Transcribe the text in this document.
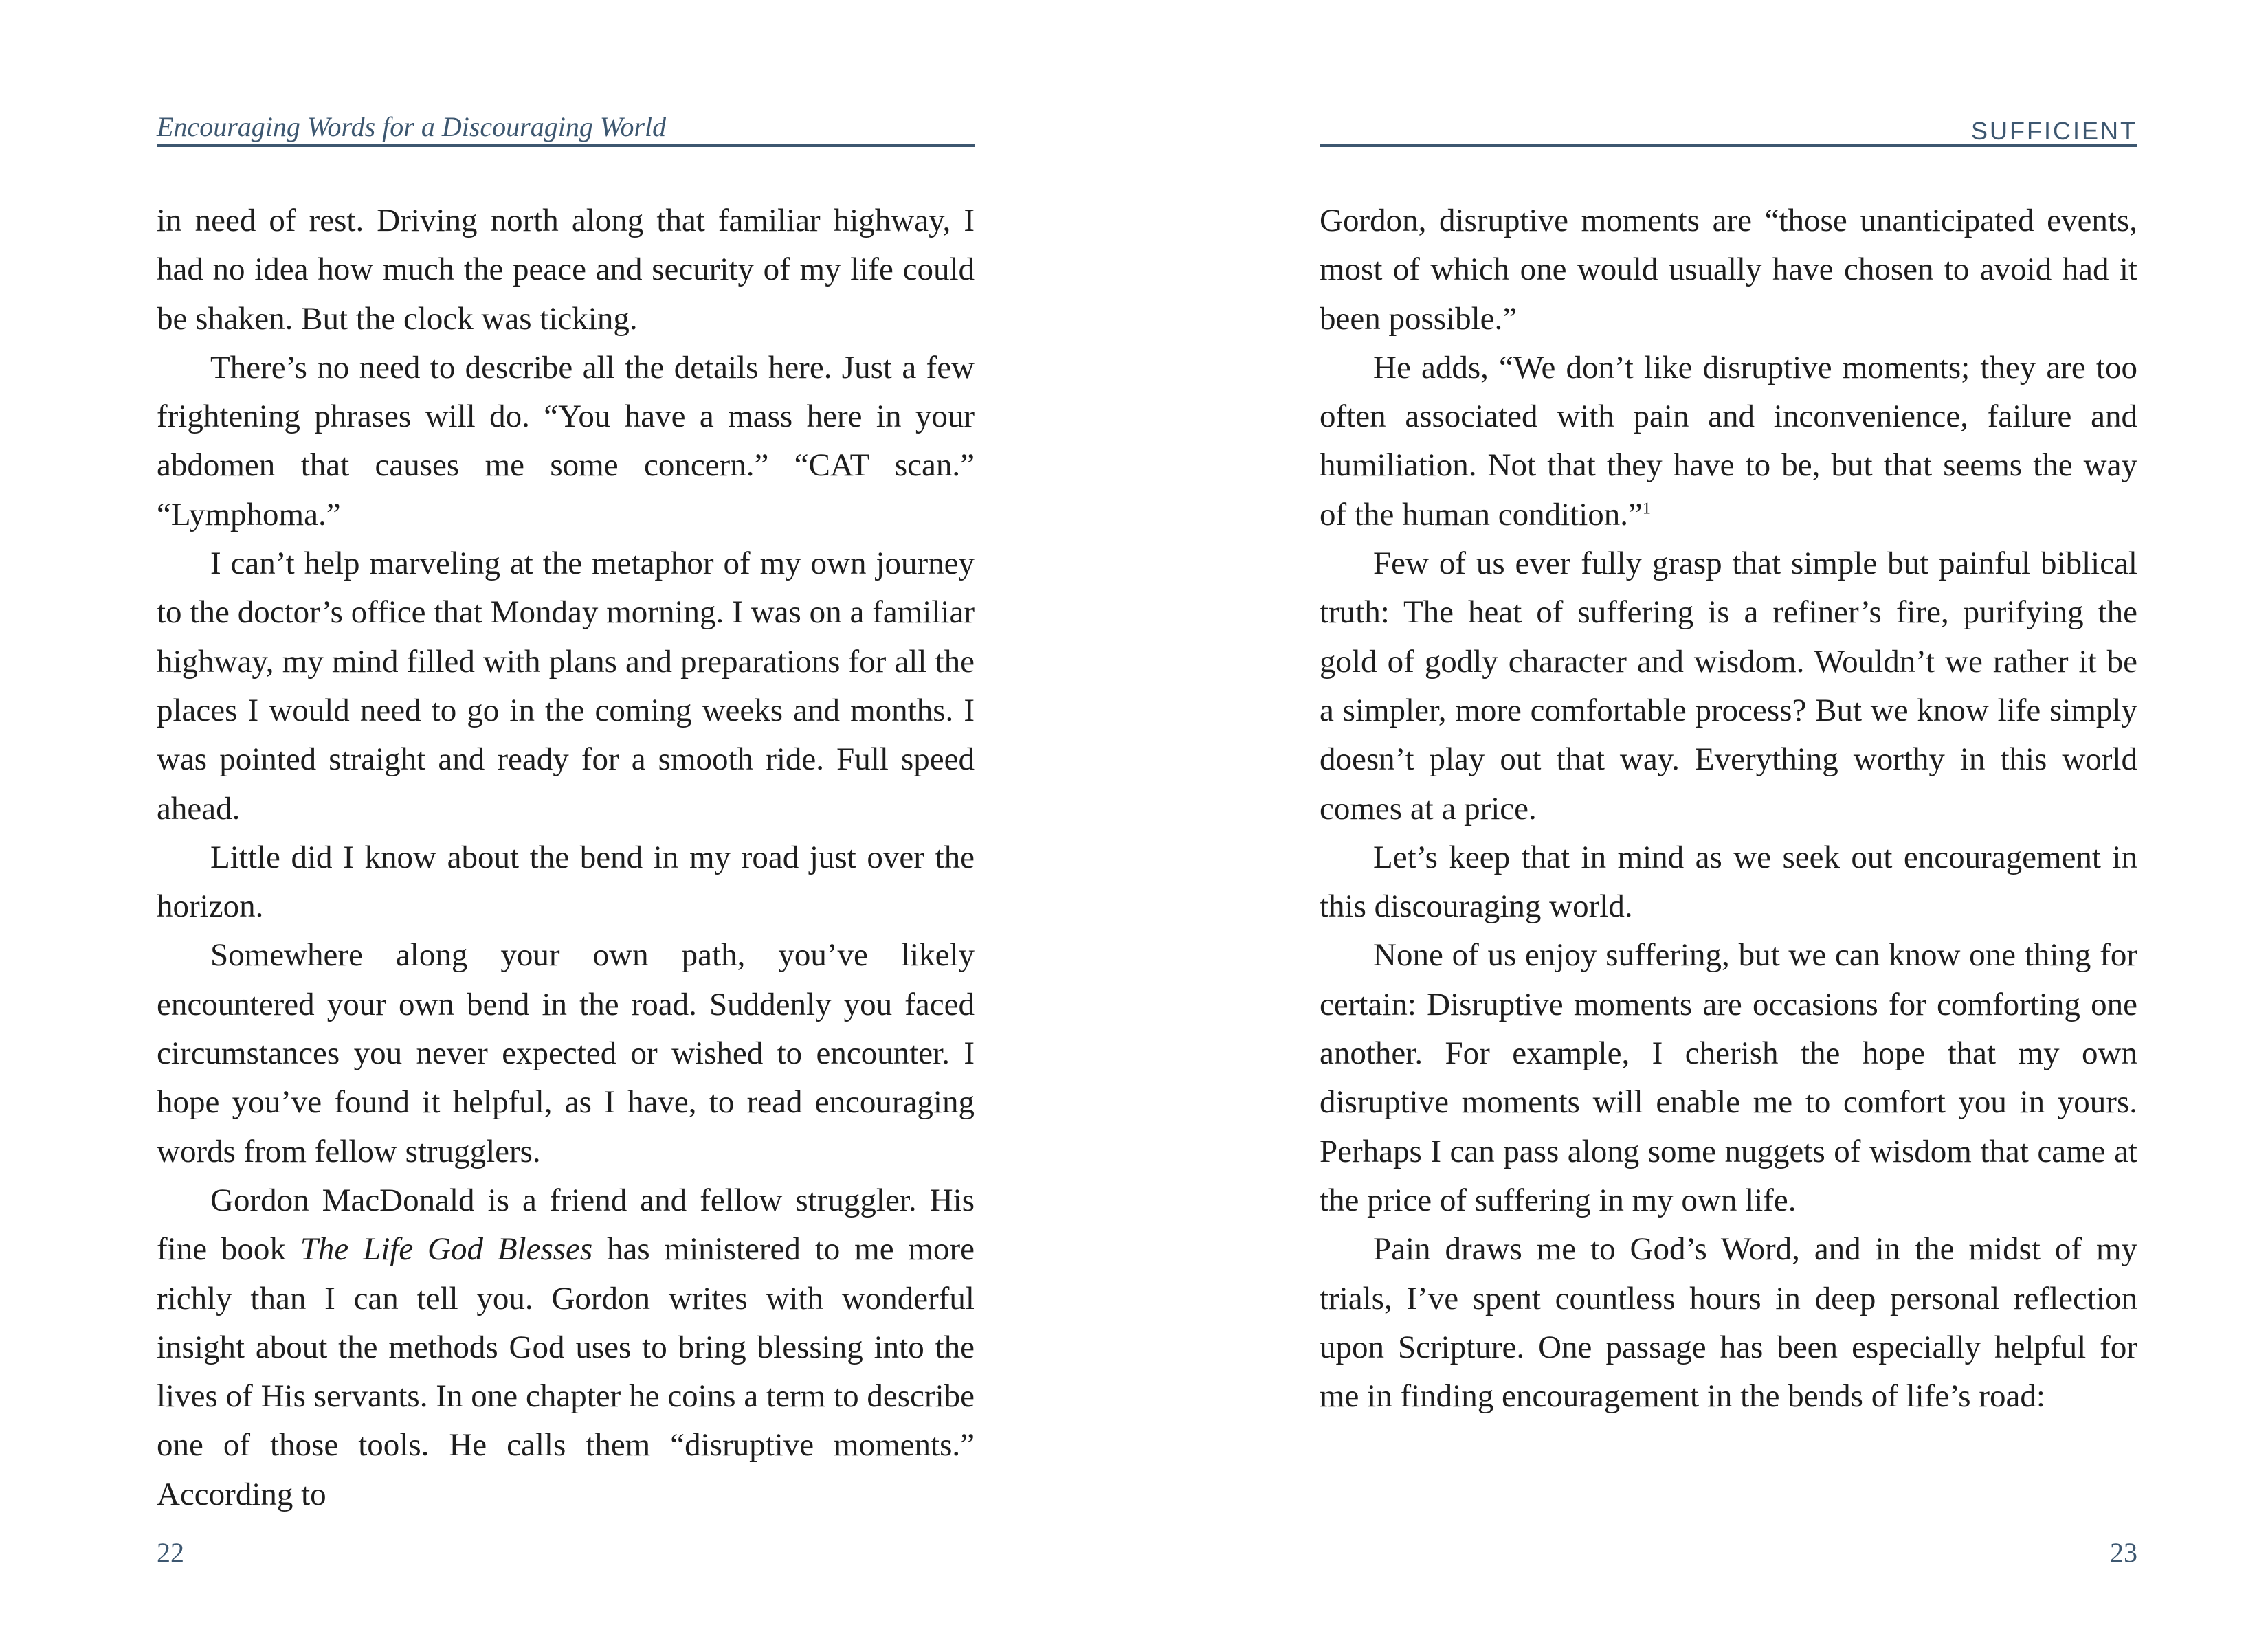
Encouraging Words for a Discouraging World

in need of rest. Driving north along that familiar highway, I had no idea how much the peace and security of my life could be shaken. But the clock was ticking.

There’s no need to describe all the details here. Just a few frightening phrases will do. “You have a mass here in your abdomen that causes me some concern.” “CAT scan.” “Lymphoma.”

I can’t help marveling at the metaphor of my own journey to the doctor’s office that Monday morning. I was on a familiar highway, my mind filled with plans and preparations for all the places I would need to go in the coming weeks and months. I was pointed straight and ready for a smooth ride. Full speed ahead.

Little did I know about the bend in my road just over the horizon.

Somewhere along your own path, you’ve likely encountered your own bend in the road. Suddenly you faced circumstances you never expected or wished to encounter. I hope you’ve found it helpful, as I have, to read encouraging words from fellow strugglers.

Gordon MacDonald is a friend and fellow struggler. His fine book The Life God Blesses has ministered to me more richly than I can tell you. Gordon writes with wonderful insight about the methods God uses to bring blessing into the lives of His servants. In one chapter he coins a term to describe one of those tools. He calls them “disruptive moments.” According to

22
SUFFICIENT

Gordon, disruptive moments are “those unanticipated events, most of which one would usually have chosen to avoid had it been possible.”

He adds, “We don’t like disruptive moments; they are too often associated with pain and inconvenience, failure and humiliation. Not that they have to be, but that seems the way of the human condition.”$^1$

Few of us ever fully grasp that simple but painful biblical truth: The heat of suffering is a refiner’s fire, purifying the gold of godly character and wisdom. Wouldn’t we rather it be a simpler, more comfortable process? But we know life simply doesn’t play out that way. Everything worthy in this world comes at a price.

Let’s keep that in mind as we seek out encouragement in this discouraging world.

None of us enjoy suffering, but we can know one thing for certain: Disruptive moments are occasions for comforting one another. For example, I cherish the hope that my own disruptive moments will enable me to comfort you in yours. Perhaps I can pass along some nuggets of wisdom that came at the price of suffering in my own life.

Pain draws me to God’s Word, and in the midst of my trials, I’ve spent countless hours in deep personal reflection upon Scripture. One passage has been especially helpful for me in finding encouragement in the bends of life’s road:

23
